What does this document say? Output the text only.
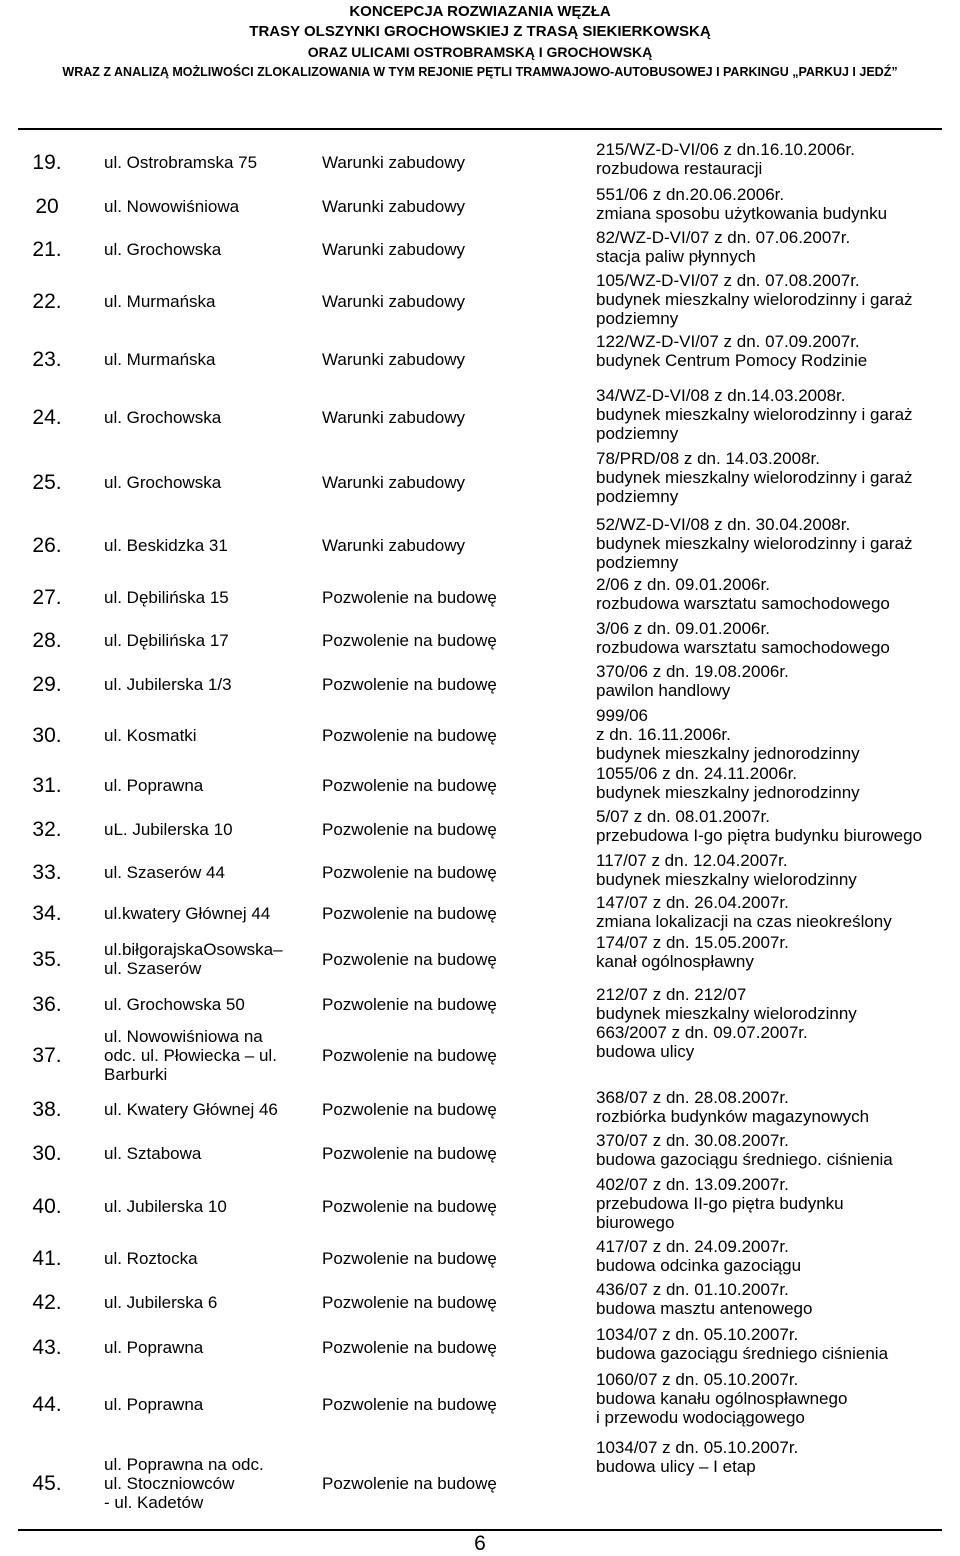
KONCEPCJA ROZWIAZANIA WĘZŁA
TRASY OLSZYNKI GROCHOWSKIEJ Z TRASĄ SIEKIERKOWSKĄ
ORAZ ULICAMI OSTROBRAMSKĄ I GROCHOWSKĄ
WRAZ Z ANALIZĄ MOŻLIWOŚCI ZLOKALIZOWANIA W TYM REJONIE PĘTLI TRAMWAJOWO-AUTOBUSOWEJ I PARKINGU „PARKUJ I JEDŹ”
19.	ul. Ostrobramska 75	Warunki zabudowy
215/WZ-D-VI/06 z dn.16.10.2006r.
rozbudowa restauracji
20	ul. Nowowiśniowa	Warunki zabudowy
551/06 z dn.20.06.2006r.
zmiana sposobu użytkowania budynku
21.	ul. Grochowska	Warunki zabudowy
82/WZ-D-VI/07 z dn. 07.06.2007r.
stacja paliw płynnych
22.	ul. Murmańska	Warunki zabudowy
105/WZ-D-VI/07 z dn. 07.08.2007r.
budynek mieszkalny wielorodzinny i garaż
podziemny
23.	ul. Murmańska	Warunki zabudowy
122/WZ-D-VI/07 z dn. 07.09.2007r.
budynek Centrum Pomocy Rodzinie
24.	ul. Grochowska	Warunki zabudowy
34/WZ-D-VI/08 z dn.14.03.2008r.
budynek mieszkalny wielorodzinny i garaż
podziemny
25.	ul. Grochowska	Warunki zabudowy
78/PRD/08 z dn. 14.03.2008r.
budynek mieszkalny wielorodzinny i garaż
podziemny
26.	ul. Beskidzka 31	Warunki zabudowy
52/WZ-D-VI/08 z dn. 30.04.2008r.
budynek mieszkalny wielorodzinny i garaż
podziemny
27.	ul. Dębilińska 15	Pozwolenie na budowę
2/06 z dn. 09.01.2006r.
rozbudowa warsztatu samochodowego
28.	ul. Dębilińska 17	Pozwolenie na budowę
3/06 z dn. 09.01.2006r.
rozbudowa warsztatu samochodowego
29.	ul. Jubilerska 1/3	Pozwolenie na budowę
370/06 z dn. 19.08.2006r.
pawilon handlowy
30.	ul. Kosmatki	Pozwolenie na budowę
999/06
z dn. 16.11.2006r.
budynek mieszkalny jednorodzinny
31.	ul. Poprawna	Pozwolenie na budowę
1055/06 z dn. 24.11.2006r.
budynek mieszkalny jednorodzinny
32.	uL. Jubilerska 10	Pozwolenie na budowę
5/07 z dn. 08.01.2007r.
przebudowa I-go piętra budynku biurowego
33.	ul. Szaserów 44	Pozwolenie na budowę
117/07 z dn. 12.04.2007r.
budynek mieszkalny wielorodzinny
34.	ul.kwatery Głównej 44	Pozwolenie na budowę
147/07 z dn. 26.04.2007r.
zmiana lokalizacji na czas nieokreślony
35.	ul.biłgorajskaOsowska–
ul. Szaserów	Pozwolenie na budowę
174/07 z dn. 15.05.2007r.
kanał ogólnospławny
36.	ul. Grochowska 50	Pozwolenie na budowę
212/07 z dn. 212/07
budynek mieszkalny wielorodzinny
37.
ul. Nowowiśniowa na
odc. ul. Płowiecka – ul.
Barburki
Pozwolenie na budowę
663/2007 z dn. 09.07.2007r.
budowa ulicy
38.	ul. Kwatery Głównej 46	Pozwolenie na budowę
368/07 z dn. 28.08.2007r.
rozbiórka budynków magazynowych
30.	ul. Sztabowa	Pozwolenie na budowę
370/07 z dn. 30.08.2007r.
budowa gazociągu średniego. ciśnienia
40.	ul. Jubilerska 10	Pozwolenie na budowę
402/07 z dn. 13.09.2007r.
przebudowa II-go piętra budynku
biurowego
41.	ul. Roztocka	Pozwolenie na budowę
417/07 z dn. 24.09.2007r.
budowa odcinka gazociągu
42.	ul. Jubilerska 6	Pozwolenie na budowę
436/07 z dn. 01.10.2007r.
budowa masztu antenowego
43.	ul. Poprawna	Pozwolenie na budowę
1034/07 z dn. 05.10.2007r.
budowa gazociągu średniego ciśnienia
44.	ul. Poprawna	Pozwolenie na budowę
1060/07 z dn. 05.10.2007r.
budowa kanału ogólnospławnego
i przewodu wodociągowego
45.
ul. Poprawna na odc.
ul. Stoczniowców
- ul. Kadetów
Pozwolenie na budowę
1034/07 z dn. 05.10.2007r.
budowa ulicy – I etap
6
